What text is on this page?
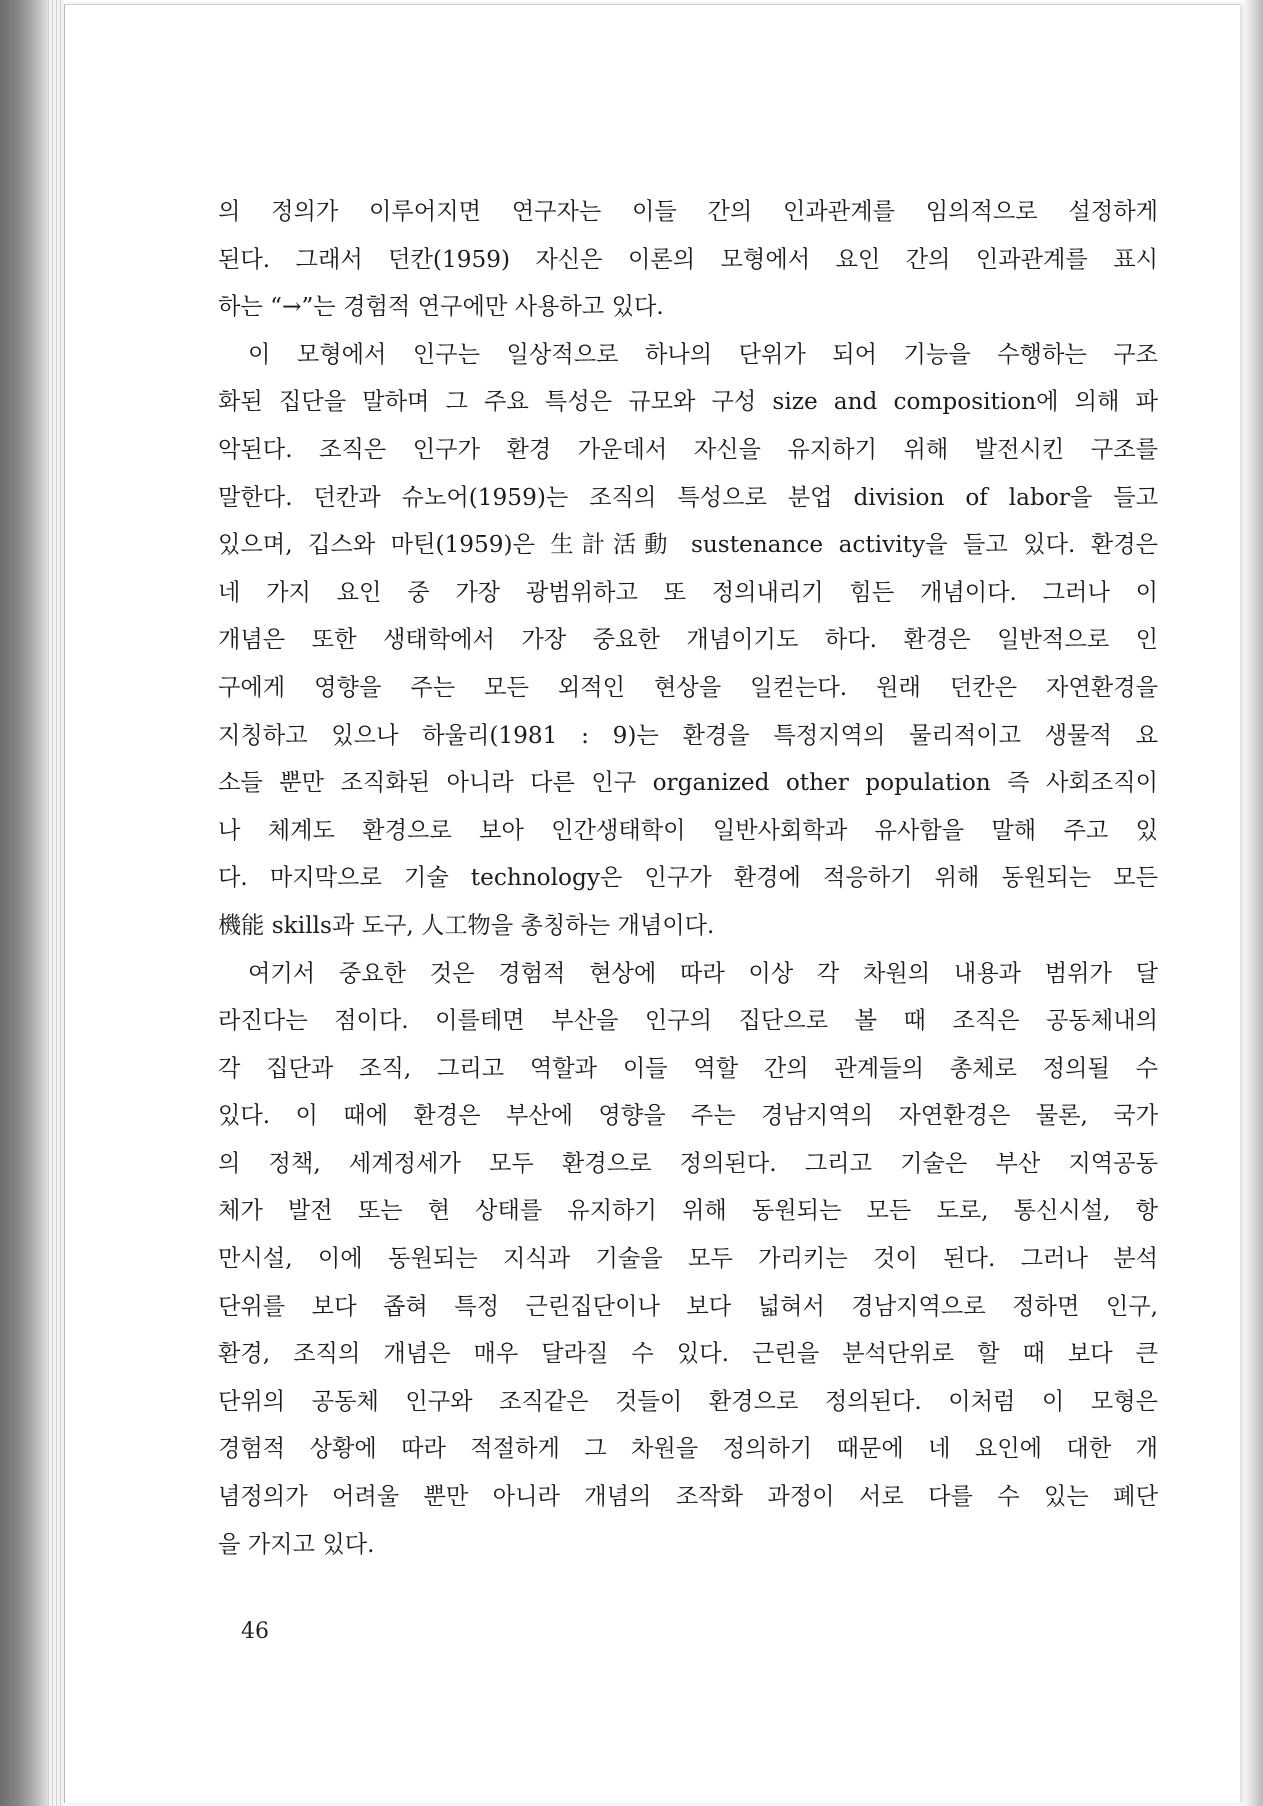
의 정의가 이루어지면 연구자는 이들 간의 인과관계를 임의적으로 설정하게
된다. 그래서 던칸(1959) 자신은 이론의 모형에서 요인 간의 인과관계를 표시
하는 “→”는 경험적 연구에만 사용하고 있다.
이 모형에서 인구는 일상적으로 하나의 단위가 되어 기능을 수행하는 구조
화된 집단을 말하며 그 주요 특성은 규모와 구성 size and composition에 의해 파
악된다. 조직은 인구가 환경 가운데서 자신을 유지하기 위해 발전시킨 구조를
말한다. 던칸과 슈노어(1959)는 조직의 특성으로 분업 division of labor을 들고
있으며, 깁스와 마틴(1959)은 生計活動 sustenance activity을 들고 있다. 환경은
네 가지 요인 중 가장 광범위하고 또 정의내리기 힘든 개념이다. 그러나 이
개념은 또한 생태학에서 가장 중요한 개념이기도 하다. 환경은 일반적으로 인
구에게 영향을 주는 모든 외적인 현상을 일컫는다. 원래 던칸은 자연환경을
지칭하고 있으나 하울리(1981 : 9)는 환경을 특정지역의 물리적이고 생물적 요
소들 뿐만 조직화된 아니라 다른 인구 organized other population 즉 사회조직이
나 체계도 환경으로 보아 인간생태학이 일반사회학과 유사함을 말해 주고 있
다. 마지막으로 기술 technology은 인구가 환경에 적응하기 위해 동원되는 모든
機能 skills과 도구, 人工物을 총칭하는 개념이다.
여기서 중요한 것은 경험적 현상에 따라 이상 각 차원의 내용과 범위가 달
라진다는 점이다. 이를테면 부산을 인구의 집단으로 볼 때 조직은 공동체내의
각 집단과 조직, 그리고 역할과 이들 역할 간의 관계들의 총체로 정의될 수
있다. 이 때에 환경은 부산에 영향을 주는 경남지역의 자연환경은 물론, 국가
의 정책, 세계정세가 모두 환경으로 정의된다. 그리고 기술은 부산 지역공동
체가 발전 또는 현 상태를 유지하기 위해 동원되는 모든 도로, 통신시설, 항
만시설, 이에 동원되는 지식과 기술을 모두 가리키는 것이 된다. 그러나 분석
단위를 보다 좁혀 특정 근린집단이나 보다 넓혀서 경남지역으로 정하면 인구,
환경, 조직의 개념은 매우 달라질 수 있다. 근린을 분석단위로 할 때 보다 큰
단위의 공동체 인구와 조직같은 것들이 환경으로 정의된다. 이처럼 이 모형은
경험적 상황에 따라 적절하게 그 차원을 정의하기 때문에 네 요인에 대한 개
념정의가 어려울 뿐만 아니라 개념의 조작화 과정이 서로 다를 수 있는 폐단
을 가지고 있다.
46
